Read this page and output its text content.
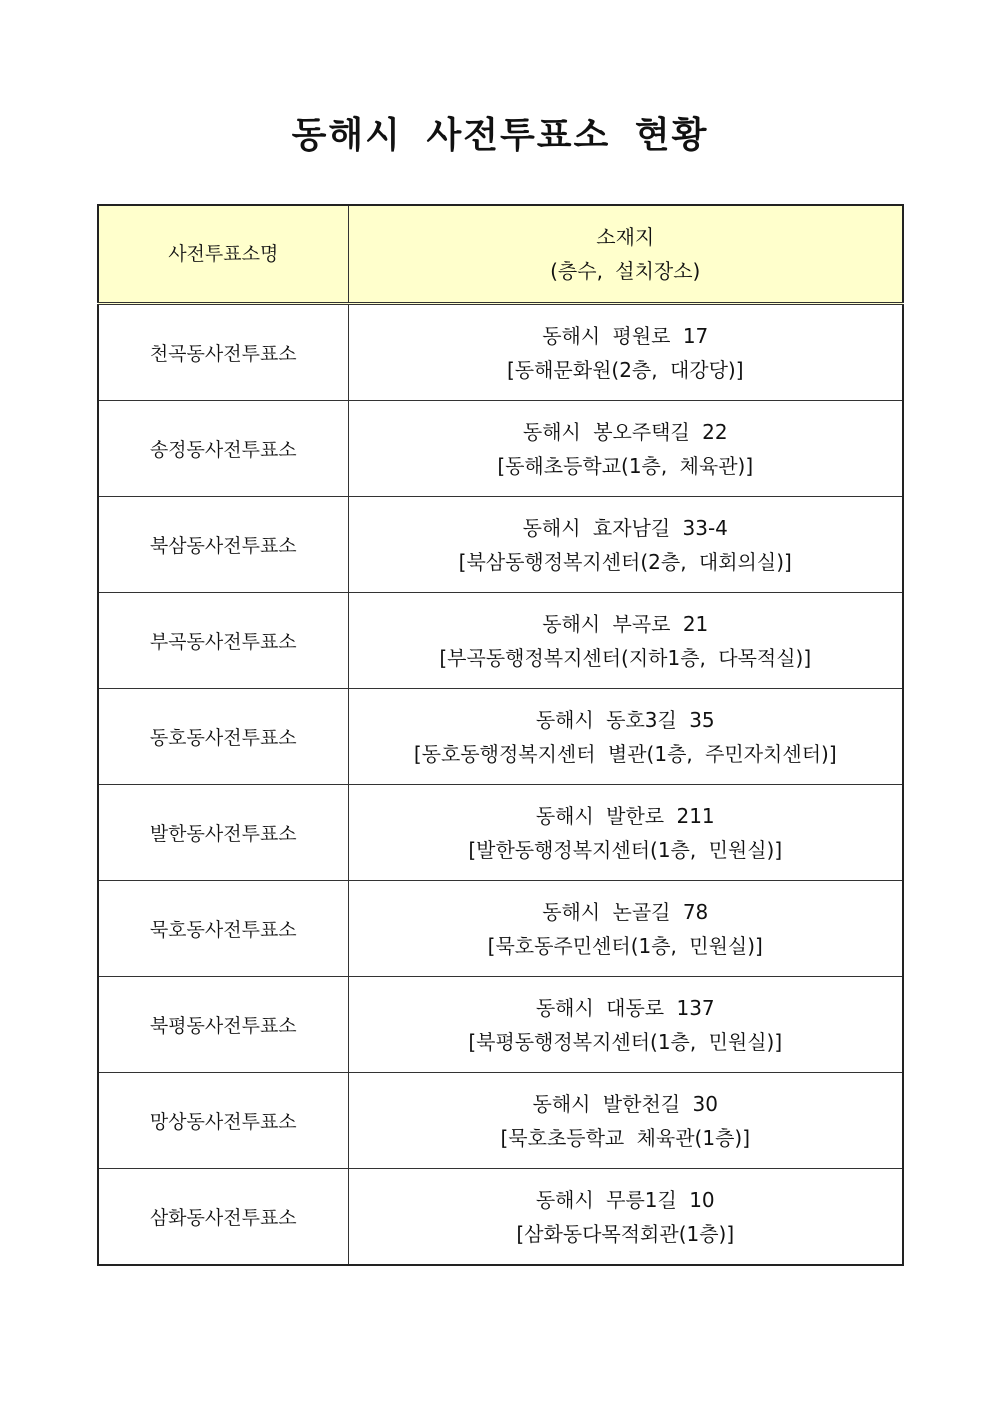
동해시 사전투표소 현황
사전투표소명	소재지
(층수, 설치장소)

천곡동사전투표소	동해시 평원로 17
[동해문화원(2층, 대강당)]

송정동사전투표소	동해시 봉오주택길 22
[동해초등학교(1층, 체육관)]

북삼동사전투표소	동해시 효자남길 33-4
[북삼동행정복지센터(2층, 대회의실)]

부곡동사전투표소	동해시 부곡로 21
[부곡동행정복지센터(지하1층, 다목적실)]

동호동사전투표소	동해시 동호3길 35
[동호동행정복지센터 별관(1층, 주민자치센터)]

발한동사전투표소	동해시 발한로 211
[발한동행정복지센터(1층, 민원실)]

묵호동사전투표소	동해시 논골길 78
[묵호동주민센터(1층, 민원실)]

북평동사전투표소	동해시 대동로 137
[북평동행정복지센터(1층, 민원실)]

망상동사전투표소	동해시 발한천길 30
[묵호초등학교 체육관(1층)]

삼화동사전투표소	동해시 무릉1길 10
[삼화동다목적회관(1층)]
